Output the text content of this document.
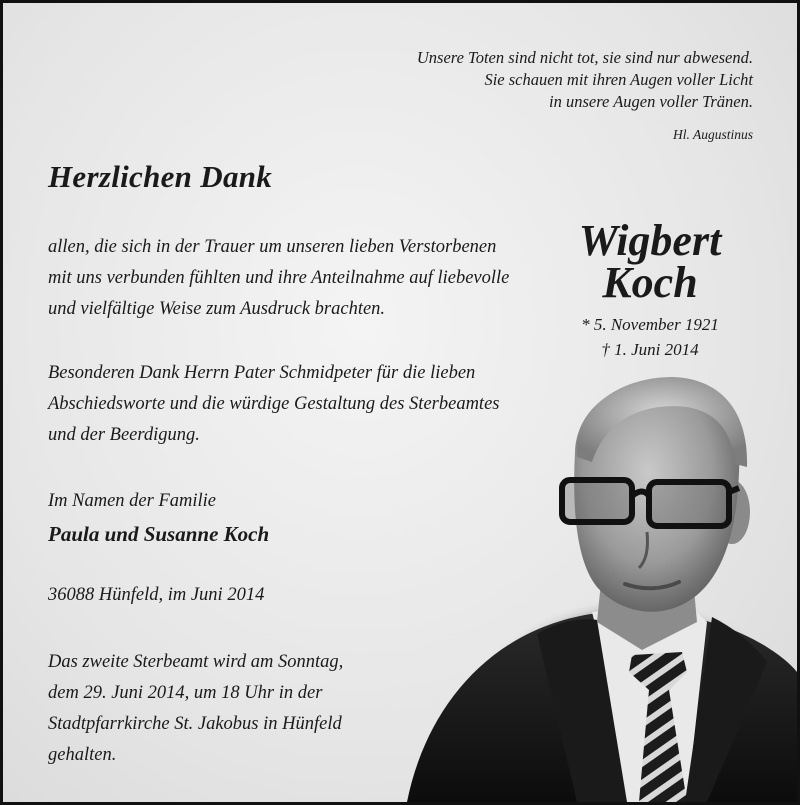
Unsere Toten sind nicht tot, sie sind nur abwesend.
Sie schauen mit ihren Augen voller Licht
in unsere Augen voller Tränen.
Hl. Augustinus
Herzlichen Dank
allen, die sich in der Trauer um unseren lieben Verstorbenen
mit uns verbunden fühlten und ihre Anteilnahme auf liebevolle
und vielfältige Weise zum Ausdruck brachten.
Besonderen Dank Herrn Pater Schmidpeter für die lieben
Abschiedsworte und die würdige Gestaltung des Sterbeamtes
und der Beerdigung.
Im Namen der Familie
Paula und Susanne Koch
36088 Hünfeld, im Juni 2014
Das zweite Sterbeamt wird am Sonntag,
dem 29. Juni 2014, um 18 Uhr in der
Stadtpfarrkirche St. Jakobus in Hünfeld
gehalten.
Wigbert
Koch
* 5. November 1921
† 1. Juni 2014
